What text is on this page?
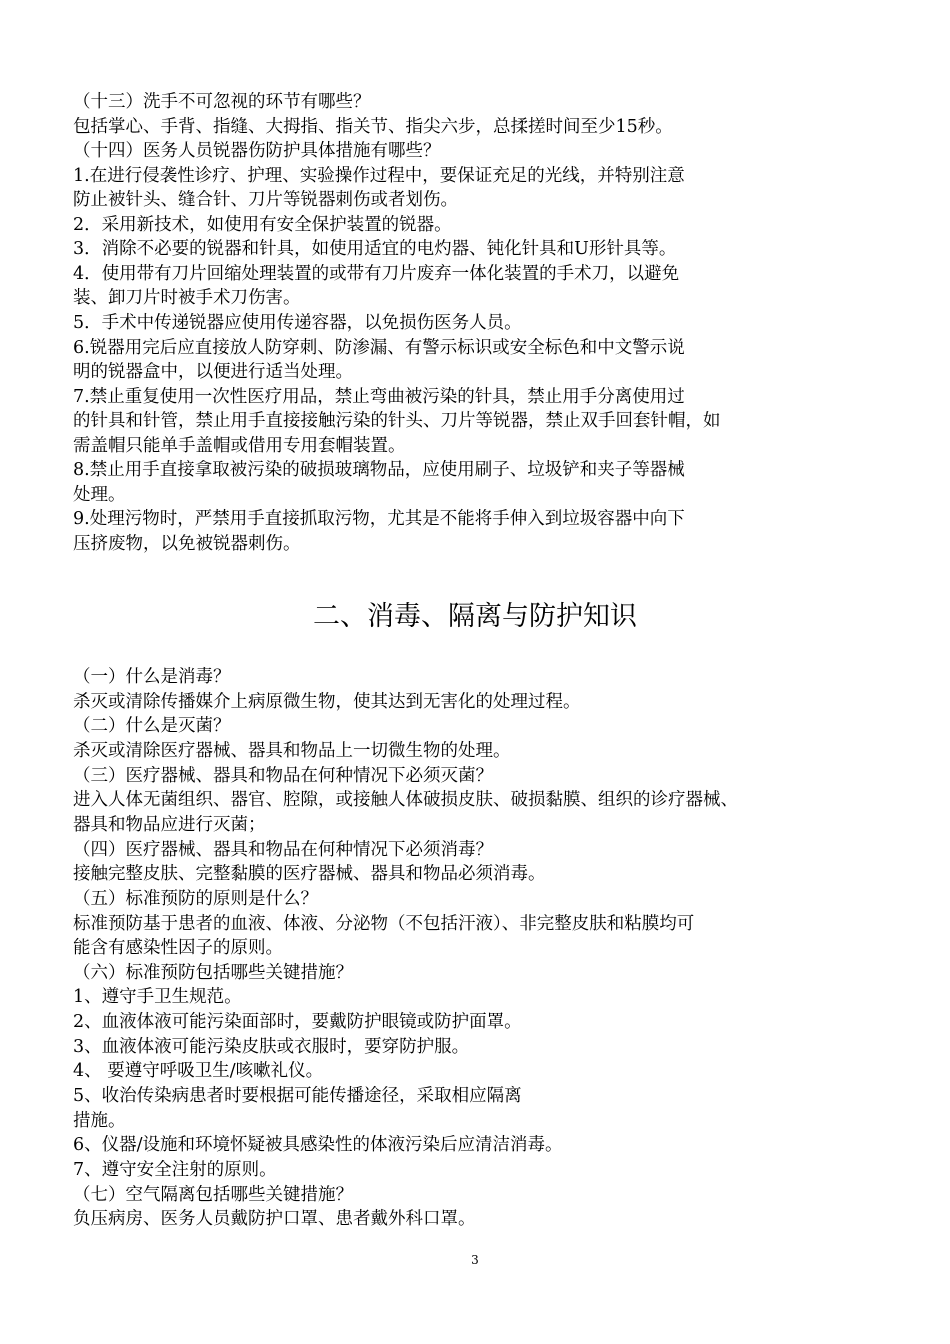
（十三）洗手不可忽视的环节有哪些？
包括掌心、手背、指缝、大拇指、指关节、指尖六步，总揉搓时间至少15秒。
（十四）医务人员锐器伤防护具体措施有哪些？
1.在进行侵袭性诊疗、护理、实验操作过程中，要保证充足的光线，并特别注意
防止被针头、缝合针、刀片等锐器刺伤或者划伤。
2．采用新技术，如使用有安全保护装置的锐器。
3．消除不必要的锐器和针具，如使用适宜的电灼器、钝化针具和U形针具等。
4．使用带有刀片回缩处理装置的或带有刀片废弃一体化装置的手术刀，以避免
装、卸刀片时被手术刀伤害。
5．手术中传递锐器应使用传递容器，以免损伤医务人员。
6.锐器用完后应直接放人防穿刺、防渗漏、有警示标识或安全标色和中文警示说
明的锐器盒中，以便进行适当处理。
7.禁止重复使用一次性医疗用品，禁止弯曲被污染的针具，禁止用手分离使用过
的针具和针管，禁止用手直接接触污染的针头、刀片等锐器，禁止双手回套针帽，如
需盖帽只能单手盖帽或借用专用套帽装置。
8.禁止用手直接拿取被污染的破损玻璃物品，应使用刷子、垃圾铲和夹子等器械
处理。
9.处理污物时，严禁用手直接抓取污物，尤其是不能将手伸入到垃圾容器中向下
压挤废物，以免被锐器刺伤。
二、消毒、隔离与防护知识
（一）什么是消毒？
杀灭或清除传播媒介上病原微生物，使其达到无害化的处理过程。
（二）什么是灭菌？
杀灭或清除医疗器械、器具和物品上一切微生物的处理。
（三）医疗器械、器具和物品在何种情况下必须灭菌？
进入人体无菌组织、器官、腔隙，或接触人体破损皮肤、破损黏膜、组织的诊疗器械、
器具和物品应进行灭菌；
（四）医疗器械、器具和物品在何种情况下必须消毒？
接触完整皮肤、完整黏膜的医疗器械、器具和物品必须消毒。
（五）标准预防的原则是什么？
标准预防基于患者的血液、体液、分泌物（不包括汗液）、非完整皮肤和粘膜均可
能含有感染性因子的原则。
（六）标准预防包括哪些关键措施？
1、遵守手卫生规范。
2、血液体液可能污染面部时，要戴防护眼镜或防护面罩。
3、血液体液可能污染皮肤或衣服时，要穿防护服。
4、 要遵守呼吸卫生/咳嗽礼仪。
5、收治传染病患者时要根据可能传播途径，采取相应隔离
措施。
6、仪器/设施和环境怀疑被具感染性的体液污染后应清洁消毒。
7、遵守安全注射的原则。
（七）空气隔离包括哪些关键措施？
负压病房、医务人员戴防护口罩、患者戴外科口罩。
3
